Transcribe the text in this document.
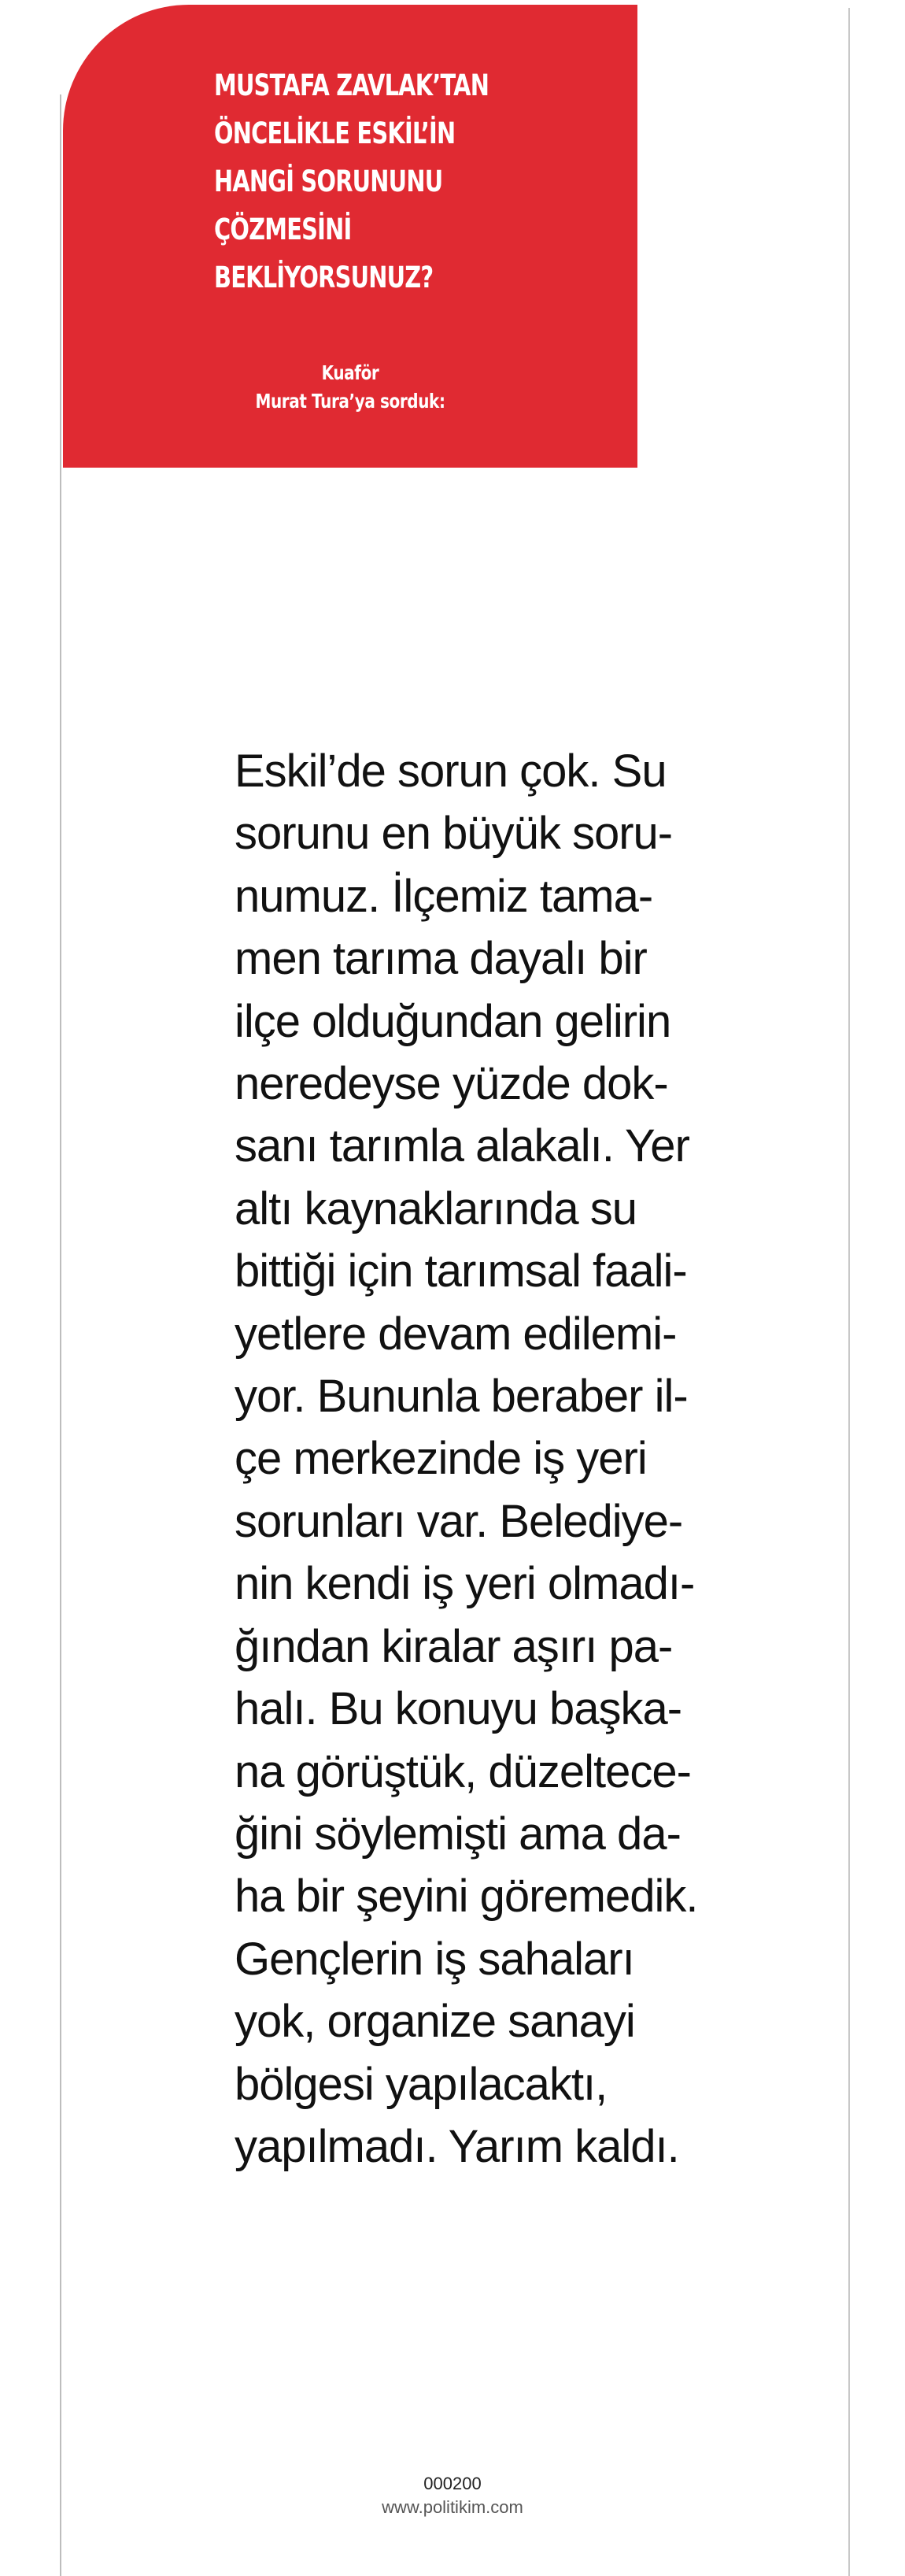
MUSTAFA ZAVLAK’TAN
ÖNCELİKLE ESKİL’İN
HANGİ SORUNUNU
ÇÖZMESİNİ
BEKLİYORSUNUZ?
Kuaför
Murat Tura’ya sorduk:

Eskil’de sorun çok. Su
sorunu en büyük soru-
numuz. İlçemiz tama-
men tarıma dayalı bir
ilçe olduğundan gelirin
neredeyse yüzde dok-
sanı tarımla alakalı. Yer
altı kaynaklarında su
bittiği için tarımsal faali-
yetlere devam edilemi-
yor. Bununla beraber il-
çe merkezinde iş yeri
sorunları var. Belediye-
nin kendi iş yeri olmadı-
ğından kiralar aşırı pa-
halı. Bu konuyu başka-
na görüştük, düzeltece-
ğini söylemişti ama da-
ha bir şeyini göremedik.
Gençlerin iş sahaları
yok, organize sanayi
bölgesi yapılacaktı,
yapılmadı. Yarım kaldı.

000200
www.politikim.com
